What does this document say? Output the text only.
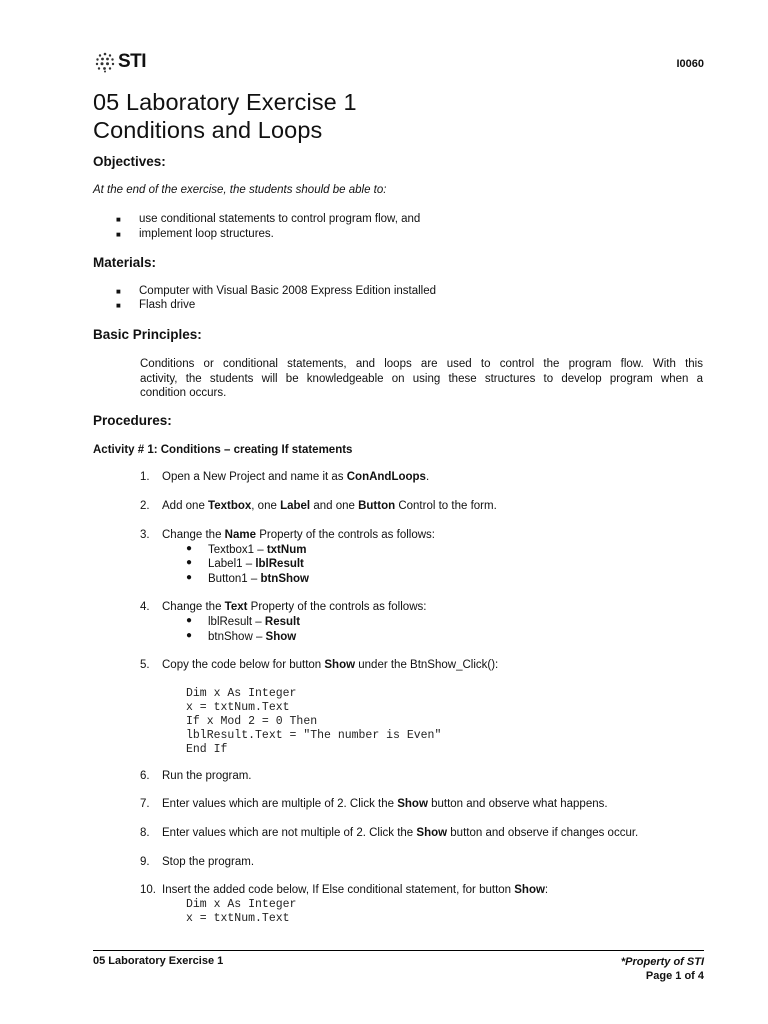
STI	I0060
05 Laboratory Exercise 1
Conditions and Loops
Objectives:
At the end of the exercise, the students should be able to:
■ use conditional statements to control program flow, and
■ implement loop structures.
Materials:
■ Computer with Visual Basic 2008 Express Edition installed
■ Flash drive
Basic Principles:
Conditions or conditional statements, and loops are used to control the program flow. With this
activity, the students will be knowledgeable on using these structures to develop program when a
condition occurs.
Procedures:
Activity # 1: Conditions – creating If statements
1. Open a New Project and name it as ConAndLoops.
2. Add one Textbox, one Label and one Button Control to the form.
3. Change the Name Property of the controls as follows:
● Textbox1 – txtNum
● Label1 – lblResult
● Button1 – btnShow
4. Change the Text Property of the controls as follows:
● lblResult – Result
● btnShow – Show
5. Copy the code below for button Show under the BtnShow_Click():
Dim x As Integer
x = txtNum.Text
If x Mod 2 = 0 Then
lblResult.Text = "The number is Even"
End If
6. Run the program.
7. Enter values which are multiple of 2. Click the Show button and observe what happens.
8. Enter values which are not multiple of 2. Click the Show button and observe if changes occur.
9. Stop the program.
10. Insert the added code below, If Else conditional statement, for button Show:
Dim x As Integer
x = txtNum.Text
05 Laboratory Exercise 1	*Property of STI
Page 1 of 4
